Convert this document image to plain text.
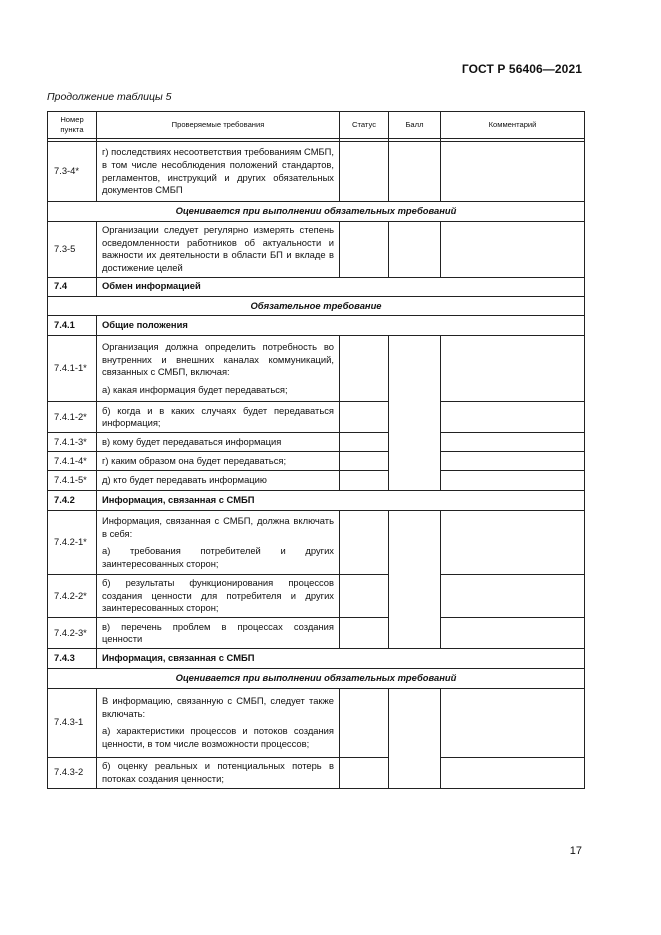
ГОСТ Р 56406—2021
Продолжение таблицы 5
Номер пункта	Проверяемые требования	Статус	Балл	Комментарий

7.3-4*	г) последствиях несоответствия требованиям СМБП, в том числе несоблюдения положений стандартов, регламентов, инструкций и других обязательных документов СМБП			
Оценивается при выполнении обязательных требований				
7.3-5	Организации следует регулярно измерять степень осведомленности работников об актуальности и важности их деятельности в области БП и вкладе в достижение целей			
7.4	Обмен информацией			
Обязательное требование				
7.4.1	Общие положения			
7.4.1-1*	Организация должна определить потребность во внутренних и внешних каналах коммуникаций, связанных с СМБП, включая:

а) какая информация будет передаваться;			

7.4.1-2*	б) когда и в каких случаях будет передаваться информация;			
7.4.1-3*	в) кому будет передаваться информация			
7.4.1-4*	г) каким образом она будет передаваться;			
7.4.1-5*	д) кто будет передавать информацию			
7.4.2	Информация, связанная с СМБП			
7.4.2-1*	Информация, связанная с СМБП, должна включать в себя:

а) требования потребителей и других заинтересованных сторон;			

7.4.2-2*	б) результаты функционирования процессов создания ценности для потребителя и других заинтересованных сторон;			
7.4.2-3*	в) перечень проблем в процессах создания ценности			
7.4.3	Информация, связанная с СМБП			
Оценивается при выполнении обязательных требований				
7.4.3-1	В информацию, связанную с СМБП, следует также включать:

а) характеристики процессов и потоков создания ценности, в том числе возможности процессов;			

7.4.3-2	б) оценку реальных и потенциальных потерь в потоках создания ценности;			
17
